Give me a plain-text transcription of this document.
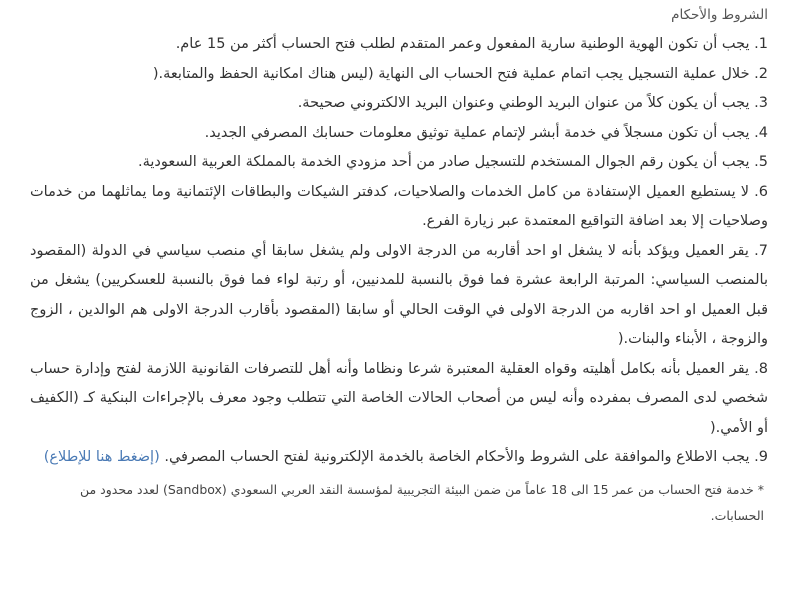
الشروط والأحكام
1. يجب أن تكون الهوية الوطنية سارية المفعول وعمر المتقدم لطلب فتح الحساب أكثر من 15 عام.
2. خلال عملية التسجيل يجب اتمام عملية فتح الحساب الى النهاية (ليس هناك امكانية الحفظ والمتابعة.(
3. يجب أن يكون كلاً من عنوان البريد الوطني وعنوان البريد الالكتروني صحيحة.
4. يجب أن تكون مسجلاً في خدمة أبشر لإتمام عملية توثيق معلومات حسابك المصرفي الجديد.
5. يجب أن يكون رقم الجوال المستخدم للتسجيل صادر من أحد مزودي الخدمة بالمملكة العربية السعودية.
6. لا يستطيع العميل الإستفادة من كامل الخدمات والصلاحيات، كدفتر الشيكات والبطاقات الإئتمانية وما يماثلهما من خدمات وصلاحيات إلا بعد اضافة التواقيع المعتمدة عبر زيارة الفرع.
7. يقر العميل ويؤكد بأنه لا يشغل او احد أقاربه من الدرجة الاولى ولم يشغل سابقا أي منصب سياسي في الدولة (المقصود بالمنصب السياسي: المرتبة الرابعة عشرة فما فوق بالنسبة للمدنيين، أو رتبة لواء فما فوق بالنسبة للعسكريين) يشغل من قبل العميل او احد اقاربه من الدرجة الاولى في الوقت الحالي أو سابقا (المقصود بأقارب الدرجة الاولى هم الوالدين ، الزوج والزوجة ، الأبناء والبنات.(
8. يقر العميل بأنه بكامل أهليته وقواه العقلية المعتبرة شرعا ونظاما وأنه أهل للتصرفات القانونية اللازمة لفتح وإدارة حساب شخصي لدى المصرف بمفرده وأنه ليس من أصحاب الحالات الخاصة التي تتطلب وجود معرف بالإجراءات البنكية كـ (الكفيف أو الأمي.(
9. يجب الاطلاع والموافقة على الشروط والأحكام الخاصة بالخدمة الإلكترونية لفتح الحساب المصرفي. (إضغط هنا للإطلاع)
* خدمة فتح الحساب من عمر 15 الى 18 عاماً من ضمن البيئة التجريبية لمؤسسة النقد العربي السعودي (Sandbox) لعدد محدود من الحسابات.
